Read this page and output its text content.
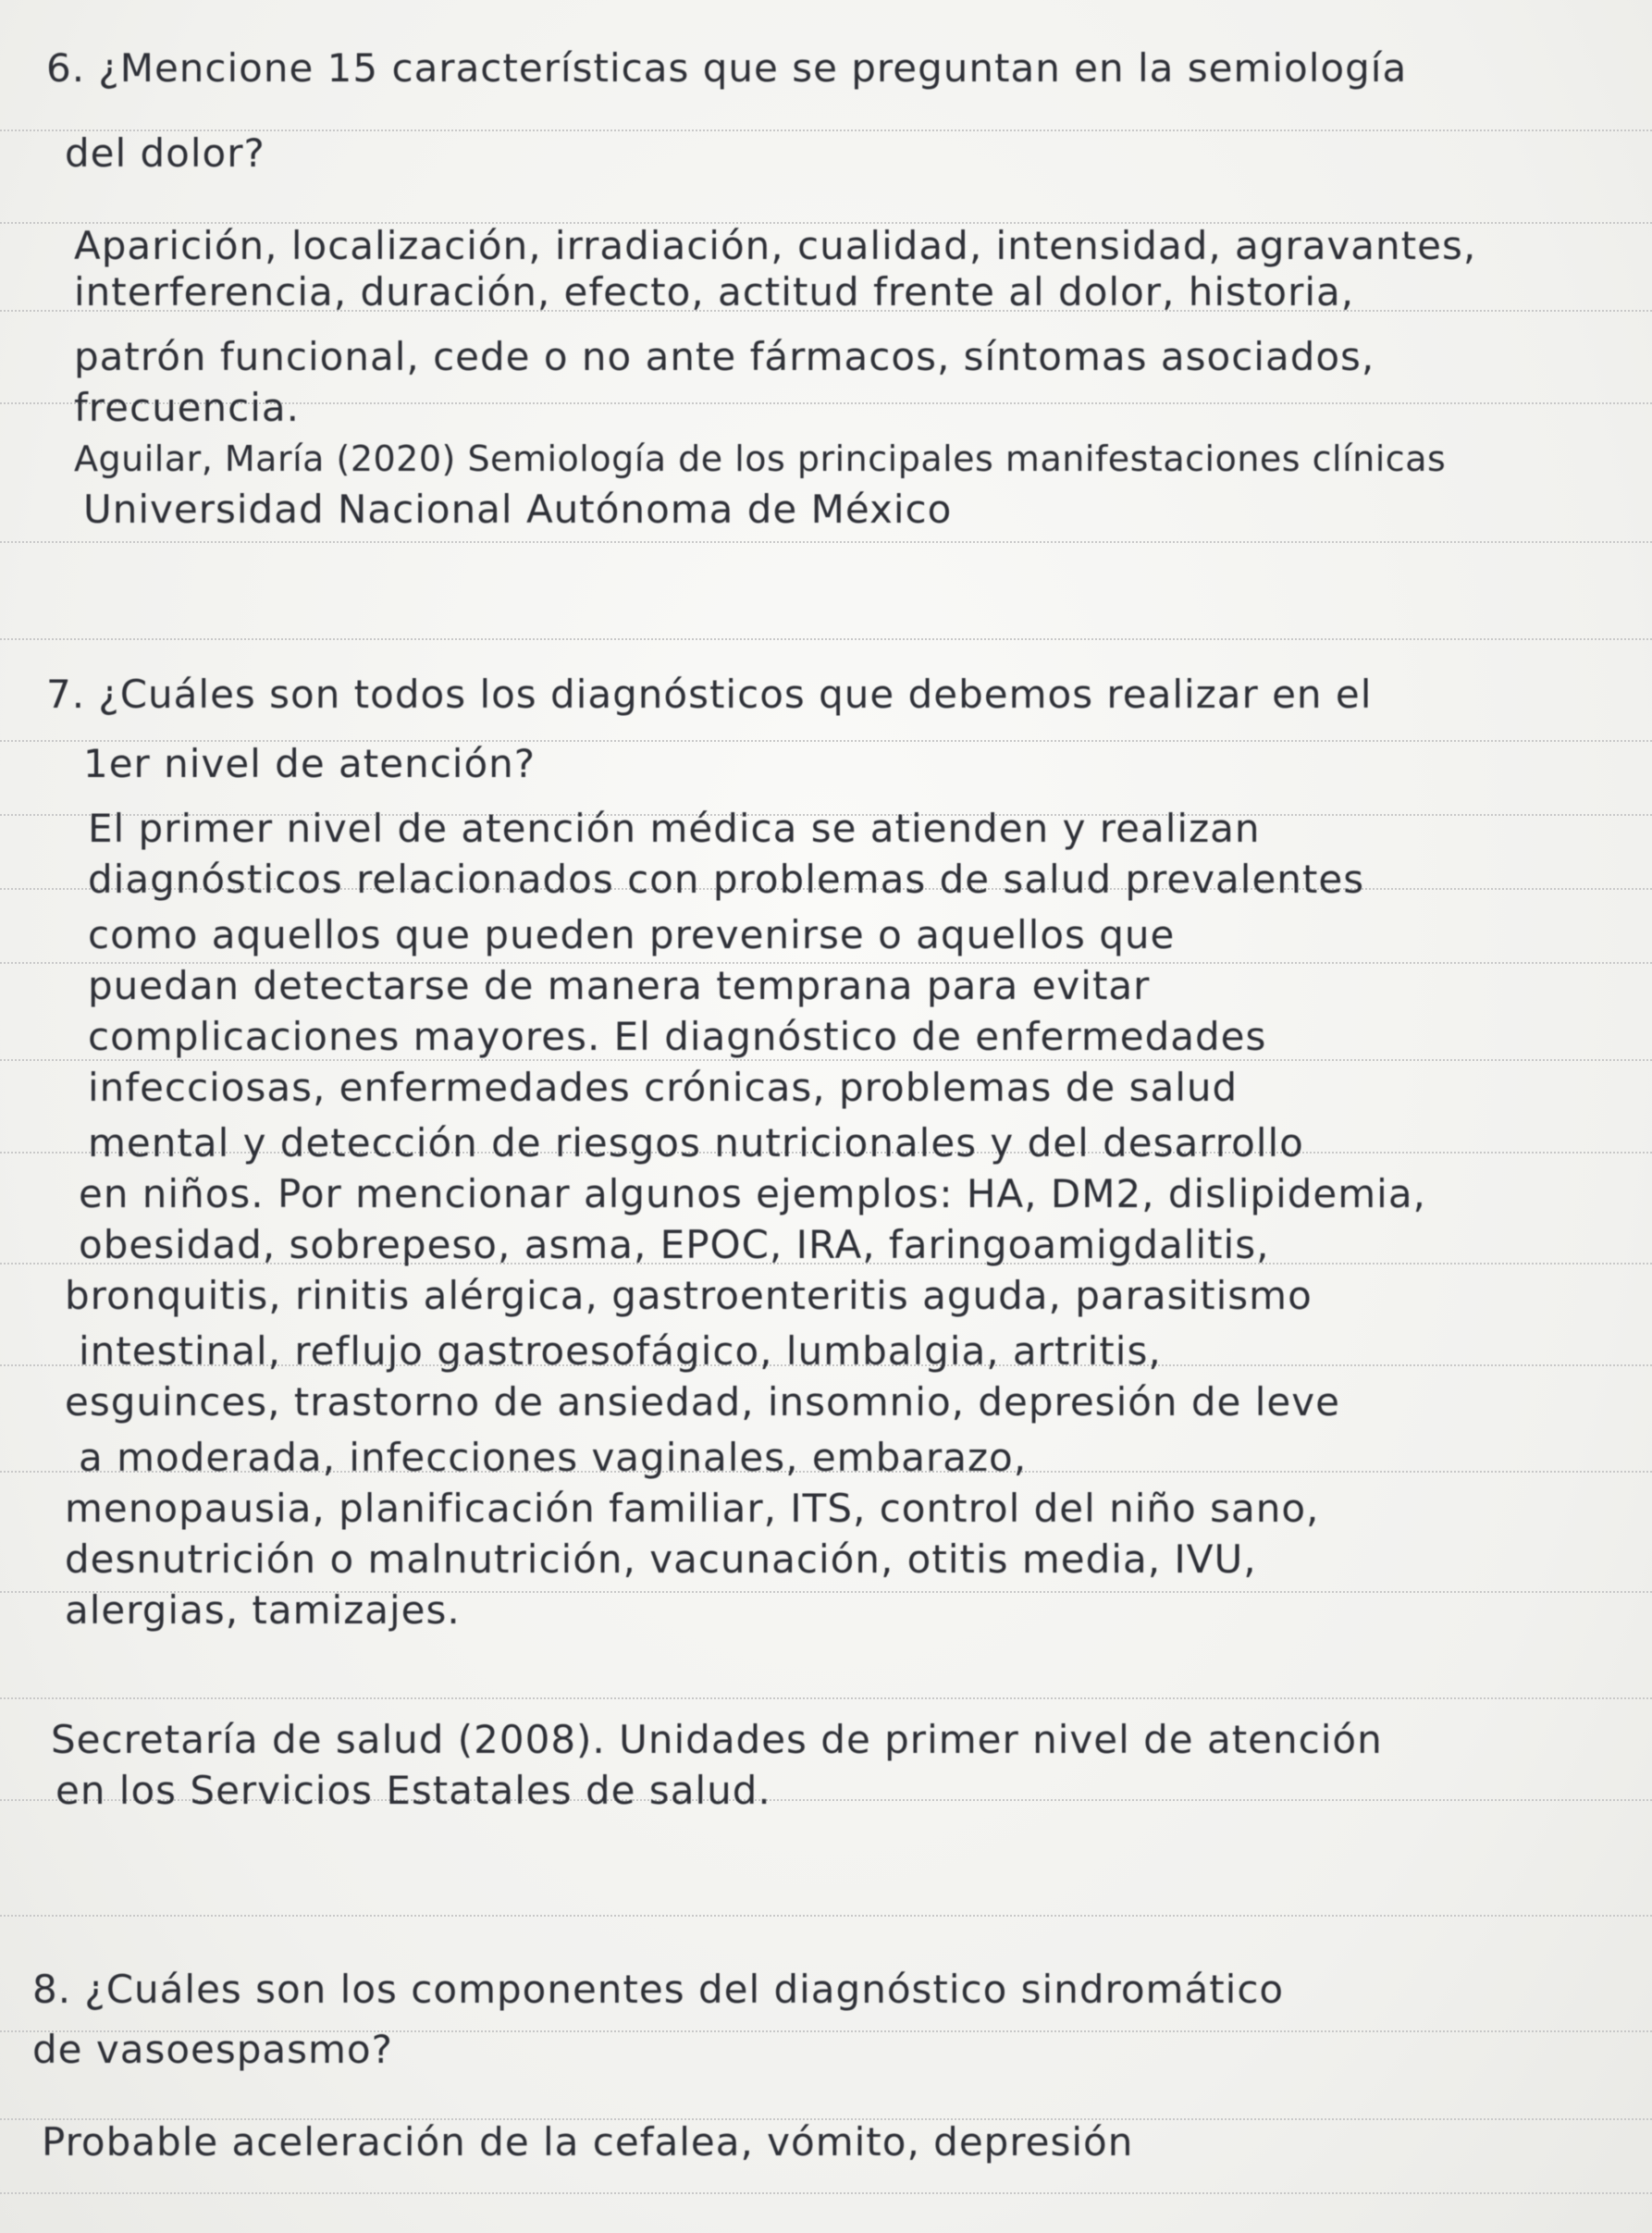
6. ¿Mencione 15 características que se preguntan en la semiología
del dolor?
Aparición, localización, irradiación, cualidad, intensidad, agravantes,
interferencia, duración, efecto, actitud frente al dolor, historia,
patrón funcional, cede o no ante fármacos, síntomas asociados,
frecuencia.
Aguilar, María (2020) Semiología de los principales manifestaciones clínicas
Universidad Nacional Autónoma de México
7. ¿Cuáles son todos los diagnósticos que debemos realizar en el
1er nivel de atención?
El primer nivel de atención médica se atienden y realizan
diagnósticos relacionados con problemas de salud prevalentes
como aquellos que pueden prevenirse o aquellos que
puedan detectarse de manera temprana para evitar
complicaciones mayores. El diagnóstico de enfermedades
infecciosas, enfermedades crónicas, problemas de salud
mental y detección de riesgos nutricionales y del desarrollo
en niños. Por mencionar algunos ejemplos: HA, DM2, dislipidemia,
obesidad, sobrepeso, asma, EPOC, IRA, faringoamigdalitis,
bronquitis, rinitis alérgica, gastroenteritis aguda, parasitismo
intestinal, reflujo gastroesofágico, lumbalgia, artritis,
esguinces, trastorno de ansiedad, insomnio, depresión de leve
a moderada, infecciones vaginales, embarazo,
menopausia, planificación familiar, ITS, control del niño sano,
desnutrición o malnutrición, vacunación, otitis media, IVU,
alergias, tamizajes.
Secretaría de salud (2008). Unidades de primer nivel de atención
en los Servicios Estatales de salud.
8. ¿Cuáles son los componentes del diagnóstico sindromático
de vasoespasmo?
Probable aceleración de la cefalea, vómito, depresión
